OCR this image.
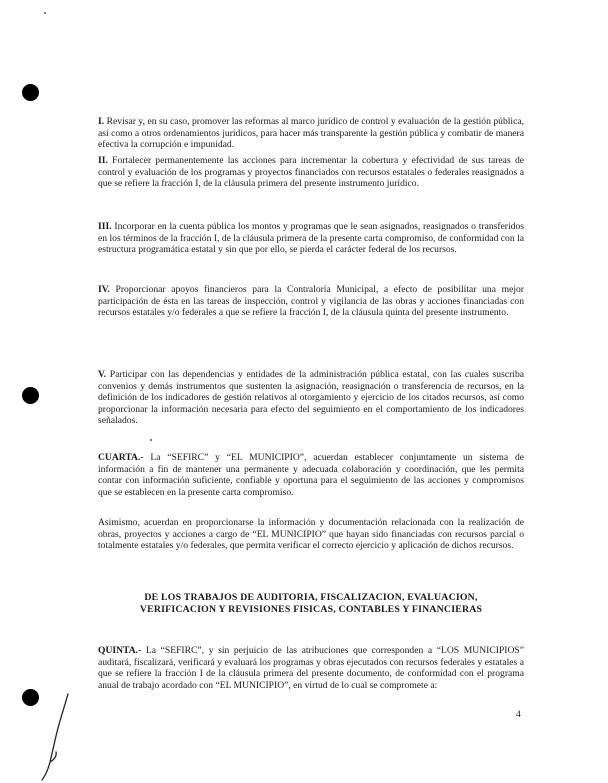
I. Revisar y, en su caso, promover las reformas al marco jurídico de control y evaluación de la gestión pública, así como a otros ordenamientos jurídicos, para hacer más transparente la gestión pública y combatir de manera efectiva la corrupción e impunidad.

II. Fortalecer permanentemente las acciones para incrementar la cobertura y efectividad de sus tareas de control y evaluación de los programas y proyectos financiados con recursos estatales o federales reasignados a que se refiere la fracción I, de la cláusula primera del presente instrumento jurídico.

III. Incorporar en la cuenta pública los montos y programas que le sean asignados, reasignados o transferidos en los términos de la fracción I, de la cláusula primera de la presente carta compromiso, de conformidad con la estructura programática estatal y sin que por ello, se pierda el carácter federal de los recursos.

IV. Proporcionar apoyos financieros para la Contraloría Municipal, a efecto de posibilitar una mejor participación de ésta en las tareas de inspección, control y vigilancia de las obras y acciones financiadas con recursos estatales y/o federales a que se refiere la fracción I, de la cláusula quinta del presente instrumento.

V. Participar con las dependencias y entidades de la administración pública estatal, con las cuales suscriba convenios y demás instrumentos que sustenten la asignación, reasignación o transferencia de recursos, en la definición de los indicadores de gestión relativos al otorgamiento y ejercicio de los citados recursos, así como proporcionar la información necesaria para efecto del seguimiento en el comportamiento de los indicadores señalados.

CUARTA.- La “SEFIRC” y “EL MUNICIPIO”, acuerdan establecer conjuntamente un sistema de información a fin de mantener una permanente y adecuada colaboración y coordinación, que les permita contar con información suficiente, confiable y oportuna para el seguimiento de las acciones y compromisos que se establecen en la presente carta compromiso.

Asimismo, acuerdan en proporcionarse la información y documentación relacionada con la realización de obras, proyectos y acciones a cargo de “EL MUNICIPIO” que hayan sido financiadas con recursos parcial o totalmente estatales y/o federales, que permita verificar el correcto ejercicio y aplicación de dichos recursos.

DE LOS TRABAJOS DE AUDITORIA, FISCALIZACION, EVALUACION,
VERIFICACION Y REVISIONES FISICAS, CONTABLES Y FINANCIERAS

QUINTA.- La “SEFIRC”, y sin perjuicio de las atribuciones que corresponden a “LOS MUNICIPIOS” auditará, fiscalizará, verificará y evaluará los programas y obras ejecutados con recursos federales y estatales a que se refiere la fracción I de la cláusula primera del presente documento, de conformidad con el programa anual de trabajo acordado con “EL MUNICIPIO”, en virtud de lo cual se compromete a:

4
